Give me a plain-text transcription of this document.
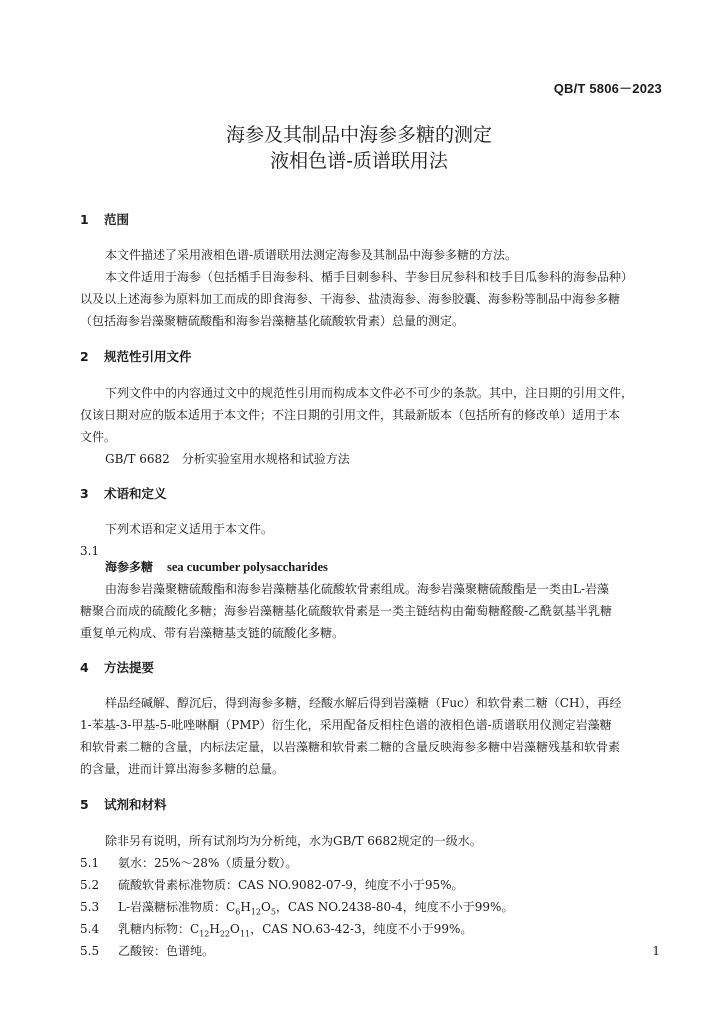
QB/T 5806－2023
海参及其制品中海参多糖的测定
液相色谱-质谱联用法
1 范围
本文件描述了采用液相色谱-质谱联用法测定海参及其制品中海参多糖的方法。
本文件适用于海参（包括楯手目海参科、楯手目刺参科、芋参目尻参科和枝手目瓜参科的海参品种）
以及以上述海参为原料加工而成的即食海参、干海参、盐渍海参、海参胶囊、海参粉等制品中海参多糖
（包括海参岩藻聚糖硫酸酯和海参岩藻糖基化硫酸软骨素）总量的测定。
2 规范性引用文件
下列文件中的内容通过文中的规范性引用而构成本文件必不可少的条款。其中，注日期的引用文件，
仅该日期对应的版本适用于本文件；不注日期的引用文件，其最新版本（包括所有的修改单）适用于本
文件。
GB/T 6682　分析实验室用水规格和试验方法
3 术语和定义
下列术语和定义适用于本文件。
3.1
海参多糖 sea cucumber polysaccharides
由海参岩藻聚糖硫酸酯和海参岩藻糖基化硫酸软骨素组成。海参岩藻聚糖硫酸酯是一类由L-岩藻
糖聚合而成的硫酸化多糖；海参岩藻糖基化硫酸软骨素是一类主链结构由葡萄糖醛酸-乙酰氨基半乳糖
重复单元构成、带有岩藻糖基支链的硫酸化多糖。
4 方法提要
样品经碱解、醇沉后，得到海参多糖，经酸水解后得到岩藻糖（Fuc）和软骨素二糖（CH），再经
1-苯基-3-甲基-5-吡唑啉酮（PMP）衍生化，采用配备反相柱色谱的液相色谱-质谱联用仪测定岩藻糖
和软骨素二糖的含量，内标法定量，以岩藻糖和软骨素二糖的含量反映海参多糖中岩藻糖残基和软骨素
的含量，进而计算出海参多糖的总量。
5 试剂和材料
除非另有说明，所有试剂均为分析纯，水为GB/T 6682规定的一级水。
5.1 氨水：25%～28%（质量分数）。
5.2 硫酸软骨素标准物质：CAS NO.9082-07-9，纯度不小于95%。
5.3 L-岩藻糖标准物质：$C_6H_{12}O_5$，CAS NO.2438-80-4，纯度不小于99%。
5.4 乳糖内标物：$C_{12}H_{22}O_{11}$，CAS NO.63-42-3，纯度不小于99%。
5.5 乙酸铵：色谱纯。	1
